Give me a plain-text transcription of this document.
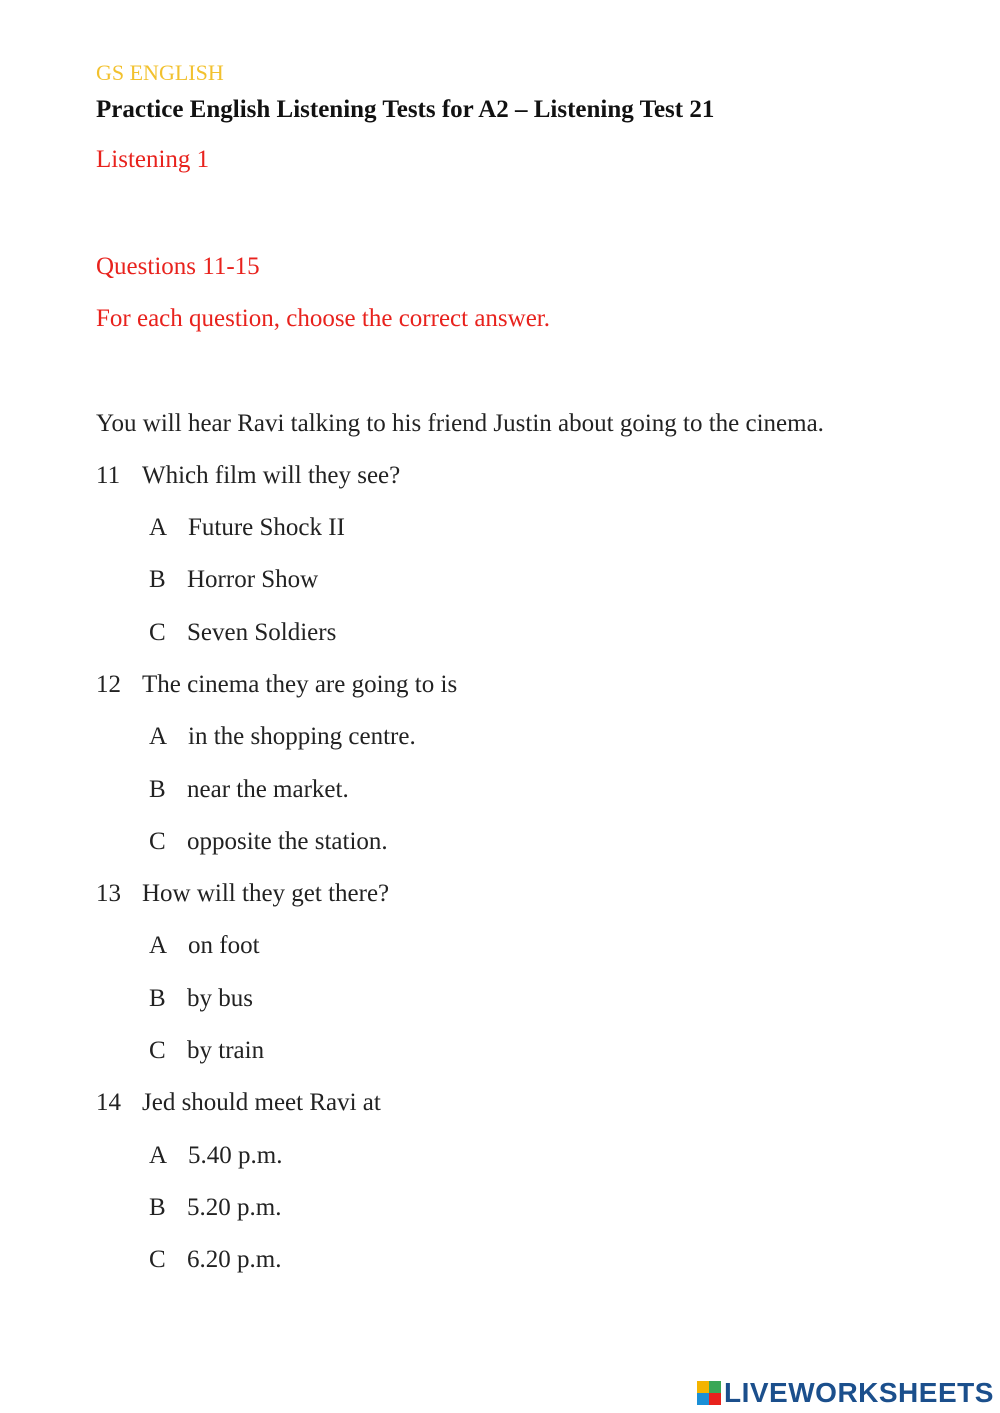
GS ENGLISH
Practice English Listening Tests for A2 – Listening Test 21
Listening 1
Questions 11-15
For each question, choose the correct answer.
You will hear Ravi talking to his friend Justin about going to the cinema.
11 Which film will they see?
A Future Shock II
B Horror Show
C Seven Soldiers
12 The cinema they are going to is
A in the shopping centre.
B near the market.
C opposite the station.
13 How will they get there?
A on foot
B by bus
C by train
14 Jed should meet Ravi at
A 5.40 p.m.
B 5.20 p.m.
C 6.20 p.m.
LIVEWORKSHEETS
